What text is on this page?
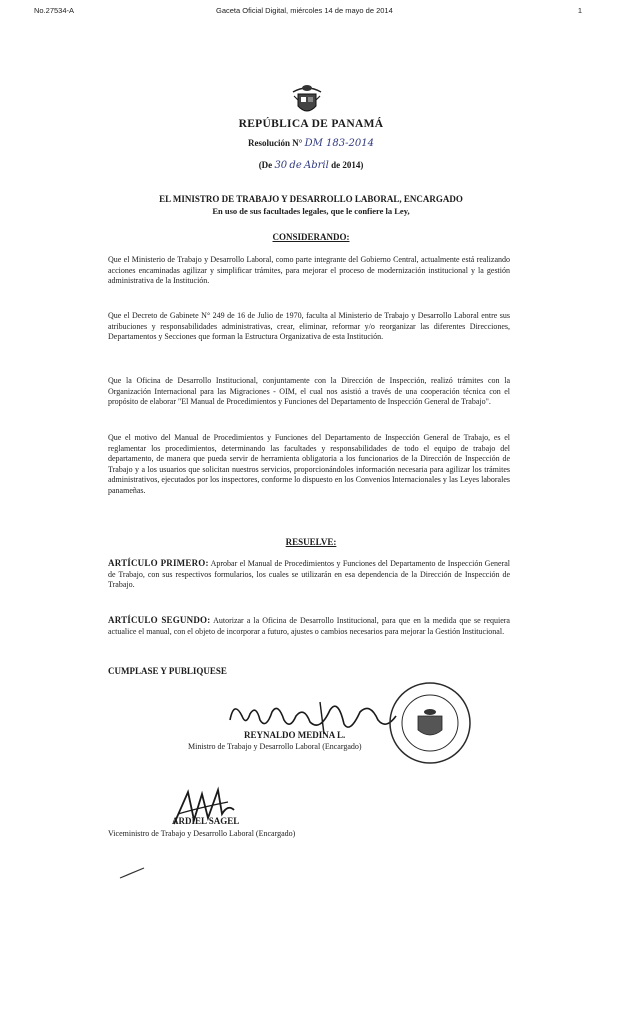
No.27534-A	Gaceta Oficial Digital, miércoles 14 de mayo de 2014	1
REPÚBLICA DE PANAMÁ
Resolución N° DM 183-2014
(De 30 de Abril de 2014)
EL MINISTRO DE TRABAJO Y DESARROLLO LABORAL, ENCARGADO
En uso de sus facultades legales, que le confiere la Ley,
CONSIDERANDO:
Que el Ministerio de Trabajo y Desarrollo Laboral, como parte integrante del Gobierno Central, actualmente está realizando acciones encaminadas agilizar y simplificar trámites, para mejorar el proceso de modernización institucional y la gestión administrativa de la Institución.
Que el Decreto de Gabinete N° 249 de 16 de Julio de 1970, faculta al Ministerio de Trabajo y Desarrollo Laboral entre sus atribuciones y responsabilidades administrativas, crear, eliminar, reformar y/o reorganizar las diferentes Direcciones, Departamentos y Secciones que forman la Estructura Organizativa de esta Institución.
Que la Oficina de Desarrollo Institucional, conjuntamente con la Dirección de Inspección, realizó trámites con la Organización Internacional para las Migraciones - OIM, el cual nos asistió a través de una cooperación técnica con el propósito de elaborar "El Manual de Procedimientos y Funciones del Departamento de Inspección General de Trabajo".
Que el motivo del Manual de Procedimientos y Funciones del Departamento de Inspección General de Trabajo, es el reglamentar los procedimientos, determinando las facultades y responsabilidades de todo el equipo de trabajo del departamento, de manera que pueda servir de herramienta obligatoria a los funcionarios de la Dirección de Inspección de Trabajo y a los usuarios que solicitan nuestros servicios, proporcionándoles información necesaria para agilizar los trámites administrativos, ejecutados por los inspectores, conforme lo dispuesto en los Convenios Internacionales y las Leyes laborales panameñas.
RESUELVE:
ARTÍCULO PRIMERO: Aprobar el Manual de Procedimientos y Funciones del Departamento de Inspección General de Trabajo, con sus respectivos formularios, los cuales se utilizarán en esa dependencia de la Dirección de Inspección de Trabajo.
ARTÍCULO SEGUNDO: Autorizar a la Oficina de Desarrollo Institucional, para que en la medida que se requiera actualice el manual, con el objeto de incorporar a futuro, ajustes o cambios necesarios para mejorar la Gestión Institucional.
CUMPLASE Y PUBLIQUESE
REYNALDO MEDINA L.
Ministro de Trabajo y Desarrollo Laboral (Encargado)
ARDIEL SAGEL
Viceministro de Trabajo y Desarrollo Laboral (Encargado)
